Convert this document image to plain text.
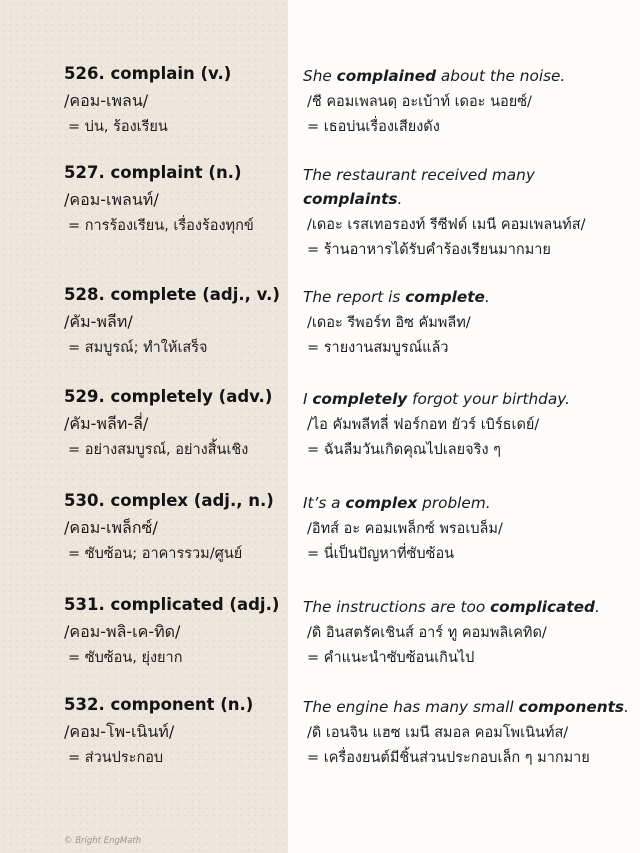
526. complain (v.)
/คอม-เพลน/
= บ่น, ร้องเรียน
She complained about the noise.
/ชี คอมเพลนดฺ อะเบ้าท์ เดอะ นอยซ์/
= เธอบ่นเรื่องเสียงดัง
527. complaint (n.)
/คอม-เพลนท์/
= การร้องเรียน, เรื่องร้องทุกข์
The restaurant received many
complaints.
/เดอะ เรสเทอรองท์ รีซีฟด์ เมนี คอมเพลนท์ส/
= ร้านอาหารได้รับคำร้องเรียนมากมาย
528. complete (adj., v.)
/คัม-พลีท/
= สมบูรณ์; ทำให้เสร็จ
The report is complete.
/เดอะ รีพอร์ท อิซ คัมพลีท/
= รายงานสมบูรณ์แล้ว
529. completely (adv.)
/คัม-พลีท-ลี่/
= อย่างสมบูรณ์, อย่างสิ้นเชิง
I completely forgot your birthday.
/ไอ คัมพลีทลี่ ฟอร์กอท ยัวร์ เบิร์ธเดย์/
= ฉันลืมวันเกิดคุณไปเลยจริง ๆ
530. complex (adj., n.)
/คอม-เพล็กซ์/
= ซับซ้อน; อาคารรวม/ศูนย์
It’s a complex problem.
/อิทส์ อะ คอมเพล็กซ์ พรอเบล็ม/
= นี่เป็นปัญหาที่ซับซ้อน
531. complicated (adj.)
/คอม-พลิ-เค-ทิด/
= ซับซ้อน, ยุ่งยาก
The instructions are too complicated.
/ดิ อินสตรัคเชินส์ อาร์ ทู คอมพลิเคทิด/
= คำแนะนำซับซ้อนเกินไป
532. component (n.)
/คอม-โพ-เนินท์/
= ส่วนประกอบ
The engine has many small components.
/ดิ เอนจิน แฮซ เมนี สมอล คอมโพเนินท์ส/
= เครื่องยนต์มีชิ้นส่วนประกอบเล็ก ๆ มากมาย
© Bright EngMath
